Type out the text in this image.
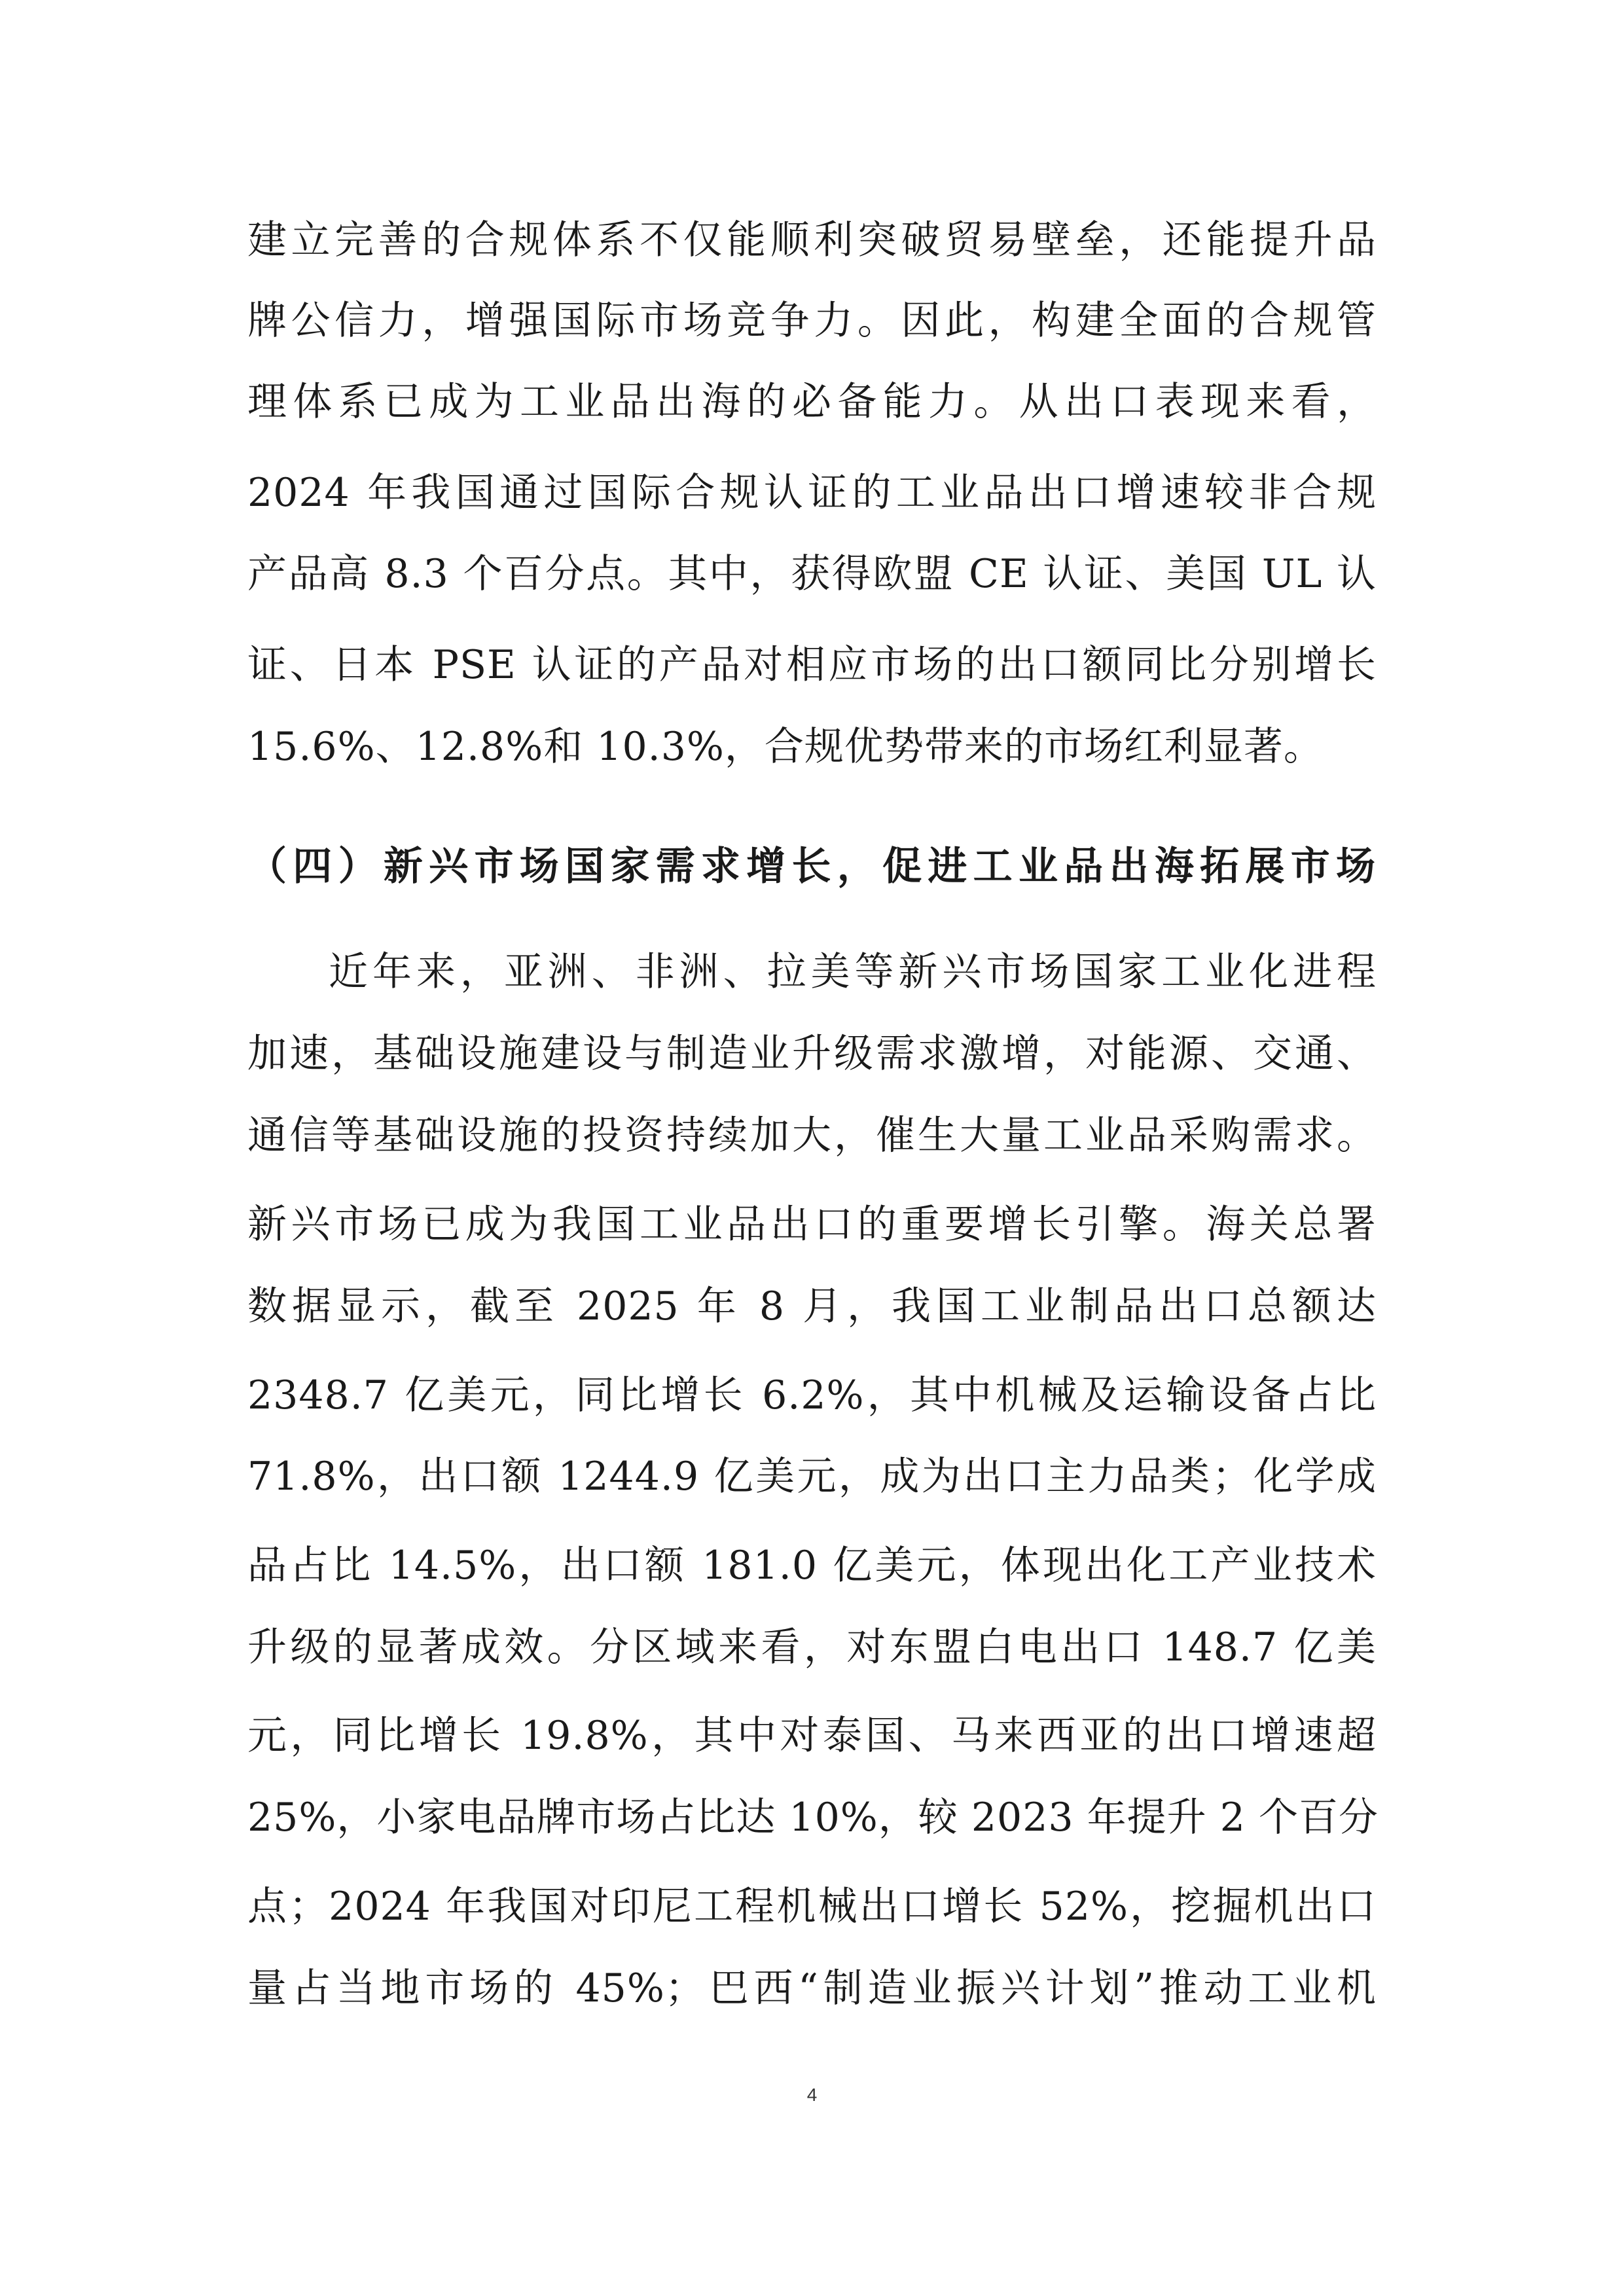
建立完善的合规体系不仅能顺利突破贸易壁垒，还能提升品
牌公信力，增强国际市场竞争力。因此，构建全面的合规管
理体系已成为工业品出海的必备能力。从出口表现来看，
2024 年我国通过国际合规认证的工业品出口增速较非合规
产品高 8.3 个百分点。其中，获得欧盟 CE 认证、美国 UL 认
证、日本 PSE 认证的产品对相应市场的出口额同比分别增长
15.6%、12.8%和 10.3%，合规优势带来的市场红利显著。
（四）新兴市场国家需求增长，促进工业品出海拓展市场
近年来，亚洲、非洲、拉美等新兴市场国家工业化进程
加速，基础设施建设与制造业升级需求激增，对能源、交通、
通信等基础设施的投资持续加大，催生大量工业品采购需求。
新兴市场已成为我国工业品出口的重要增长引擎。海关总署
数据显示，截至 2025 年 8 月，我国工业制品出口总额达
2348.7 亿美元，同比增长 6.2%，其中机械及运输设备占比
71.8%，出口额 1244.9 亿美元，成为出口主力品类；化学成
品占比 14.5%，出口额 181.0 亿美元，体现出化工产业技术
升级的显著成效。分区域来看，对东盟白电出口 148.7 亿美
元，同比增长 19.8%，其中对泰国、马来西亚的出口增速超
25%，小家电品牌市场占比达 10%，较 2023 年提升 2 个百分
点；2024 年我国对印尼工程机械出口增长 52%，挖掘机出口
量占当地市场的 45%；巴西“制造业振兴计划”推动工业机
4
